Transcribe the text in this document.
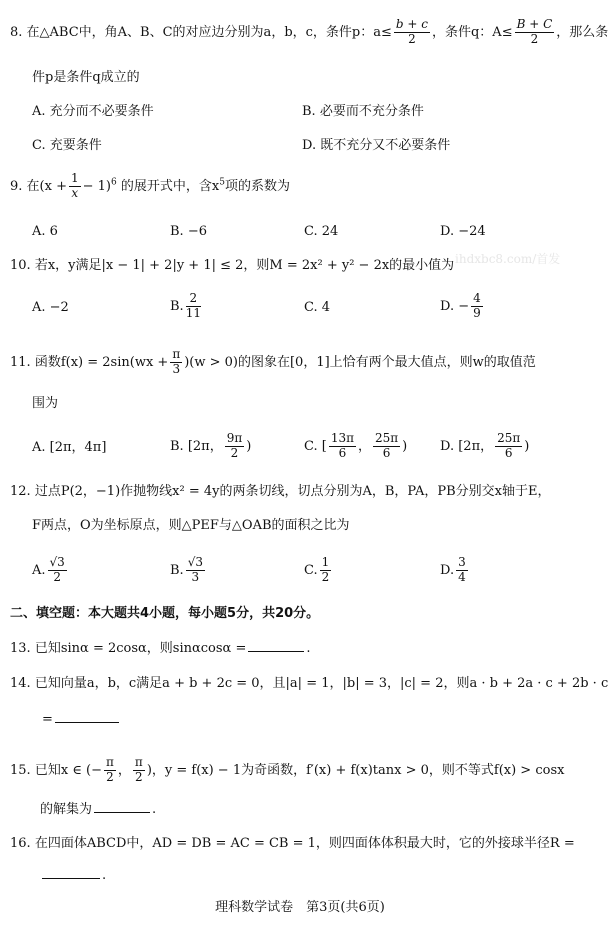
ihdxbc8.com/首发
8. 在△ABC中，角A、B、C的对应边分别为a，b，c，条件p：$a\le \frac{b + c}{2}$ ，条件q：$A\le \frac{B + C}{2}$ ，那么条
件p是条件q成立的
A. 充分而不必要条件	B. 必要而不充分条件
C. 充要条件	D. 既不充分又不必要条件
9. 在$(x + \frac{1}{x} - 1)^6$ 的展开式中，含$x^5$项的系数为
A. 6	B. −6	C. 24	D. −24
10. 若x，y满足|x − 1| + 2|y + 1| ≤ 2，则M = 2x² + y² − 2x的最小值为
A. −2	B. $\frac{2}{11}$	C. 4	D. − $\frac{4}{9}$
11. 函数$f(x) = 2\sin(wx + \frac{\pi}{3} )(w > 0)$的图象在[0，1]上恰有两个最大值点，则w的取值范
围为
A. [2π，4π]	B. [2π， $\frac{9\pi}{2}$ )	C. [ $\frac{13\pi}{6}$ ， $\frac{25\pi}{6}$ )	D. [2π， $\frac{25\pi}{6}$ )
12. 过点P(2，−1)作抛物线x² = 4y的两条切线，切点分别为A，B，PA，PB分别交x轴于E，
F两点，O为坐标原点，则△PEF与△OAB的面积之比为
A. $\frac{√3}{2}$	B. $\frac{√3}{3}$	C. $\frac{1}{2}$	D. $\frac{3}{4}$
二、填空题：本大题共4小题，每小题5分，共20分。
13. 已知sinα = 2cosα，则sinαcosα =	.
14. 已知向量a，b，c满足a + b + 2c = 0，且|a| = 1，|b| = 3，|c| = 2，则a · b + 2a · c + 2b · c
=
15. 已知x ∈ (− $\frac{\pi}{2}$ ， $\frac{\pi}{2}$ )，y = f(x) − 1为奇函数，f′(x) + f(x)tanx > 0，则不等式f(x) > cosx
的解集为	.
16. 在四面体ABCD中，AD = DB = AC = CB = 1，则四面体体积最大时，它的外接球半径R =
.
理科数学试卷　第3页(共6页)
